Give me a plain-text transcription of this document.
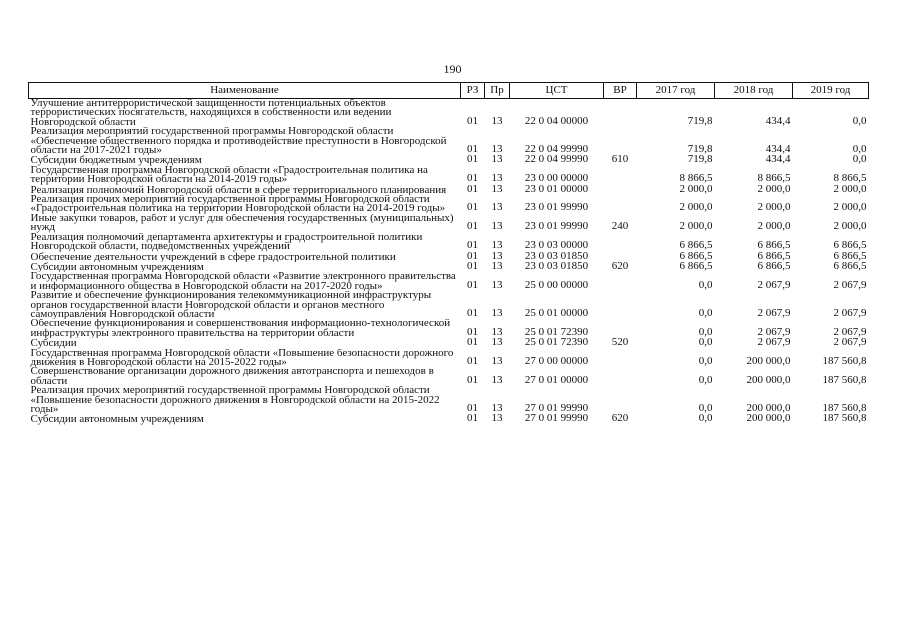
190
Наименование	РЗ	Пр	ЦСТ	ВР	2017 год	2018 год	2019 год
Улучшение антитеррористической защищенности потенциальных объектов террористических посягательств, находящихся в собственности или ведении Новгородской области	01	13	22 0 04 00000		719,8	434,4	0,0
Реализация мероприятий государственной программы Новгородской области «Обеспечение общественного порядка и противодействие преступности в Новгородской области на 2017-2021 годы»	01	13	22 0 04 99990		719,8	434,4	0,0
Субсидии бюджетным учреждениям	01	13	22 0 04 99990	610	719,8	434,4	0,0
Государственная программа Новгородской области «Градостроительная политика на территории Новгородской области на 2014-2019 годы»	01	13	23 0 00 00000		8 866,5	8 866,5	8 866,5
Реализация полномочий Новгородской области в сфере территориального планирования	01	13	23 0 01 00000		2 000,0	2 000,0	2 000,0
Реализация прочих мероприятий государственной программы Новгородской области «Градостроительная политика на территории Новгородской области на 2014-2019 годы»	01	13	23 0 01 99990		2 000,0	2 000,0	2 000,0
Иные закупки товаров, работ и услуг для обеспечения государственных (муниципальных) нужд	01	13	23 0 01 99990	240	2 000,0	2 000,0	2 000,0
Реализация полномочий департамента архитектуры и градостроительной политики Новгородской области, подведомственных учреждений	01	13	23 0 03 00000		6 866,5	6 866,5	6 866,5
Обеспечение деятельности учреждений в сфере градостроительной политики	01	13	23 0 03 01850		6 866,5	6 866,5	6 866,5
Субсидии автономным учреждениям	01	13	23 0 03 01850	620	6 866,5	6 866,5	6 866,5
Государственная программа Новгородской области «Развитие электронного правительства и информационного общества в Новгородской области на 2017-2020 годы»	01	13	25 0 00 00000		0,0	2 067,9	2 067,9
Развитие и обеспечение функционирования телекоммуникационной инфраструктуры органов государственной власти Новгородской области и органов местного самоуправления Новгородской области	01	13	25 0 01 00000		0,0	2 067,9	2 067,9
Обеспечение функционирования и совершенствования информационно-технологической инфраструктуры электронного правительства на территории области	01	13	25 0 01 72390		0,0	2 067,9	2 067,9
Субсидии	01	13	25 0 01 72390	520	0,0	2 067,9	2 067,9
Государственная программа Новгородской области «Повышение безопасности дорожного движения в Новгородской области на 2015-2022 годы»	01	13	27 0 00 00000		0,0	200 000,0	187 560,8
Совершенствование организации дорожного движения автотранспорта и пешеходов в области	01	13	27 0 01 00000		0,0	200 000,0	187 560,8
Реализация прочих мероприятий государственной программы Новгородской области «Повышение безопасности дорожного движения в Новгородской области на 2015-2022 годы»	01	13	27 0 01 99990		0,0	200 000,0	187 560,8
Субсидии автономным учреждениям	01	13	27 0 01 99990	620	0,0	200 000,0	187 560,8
